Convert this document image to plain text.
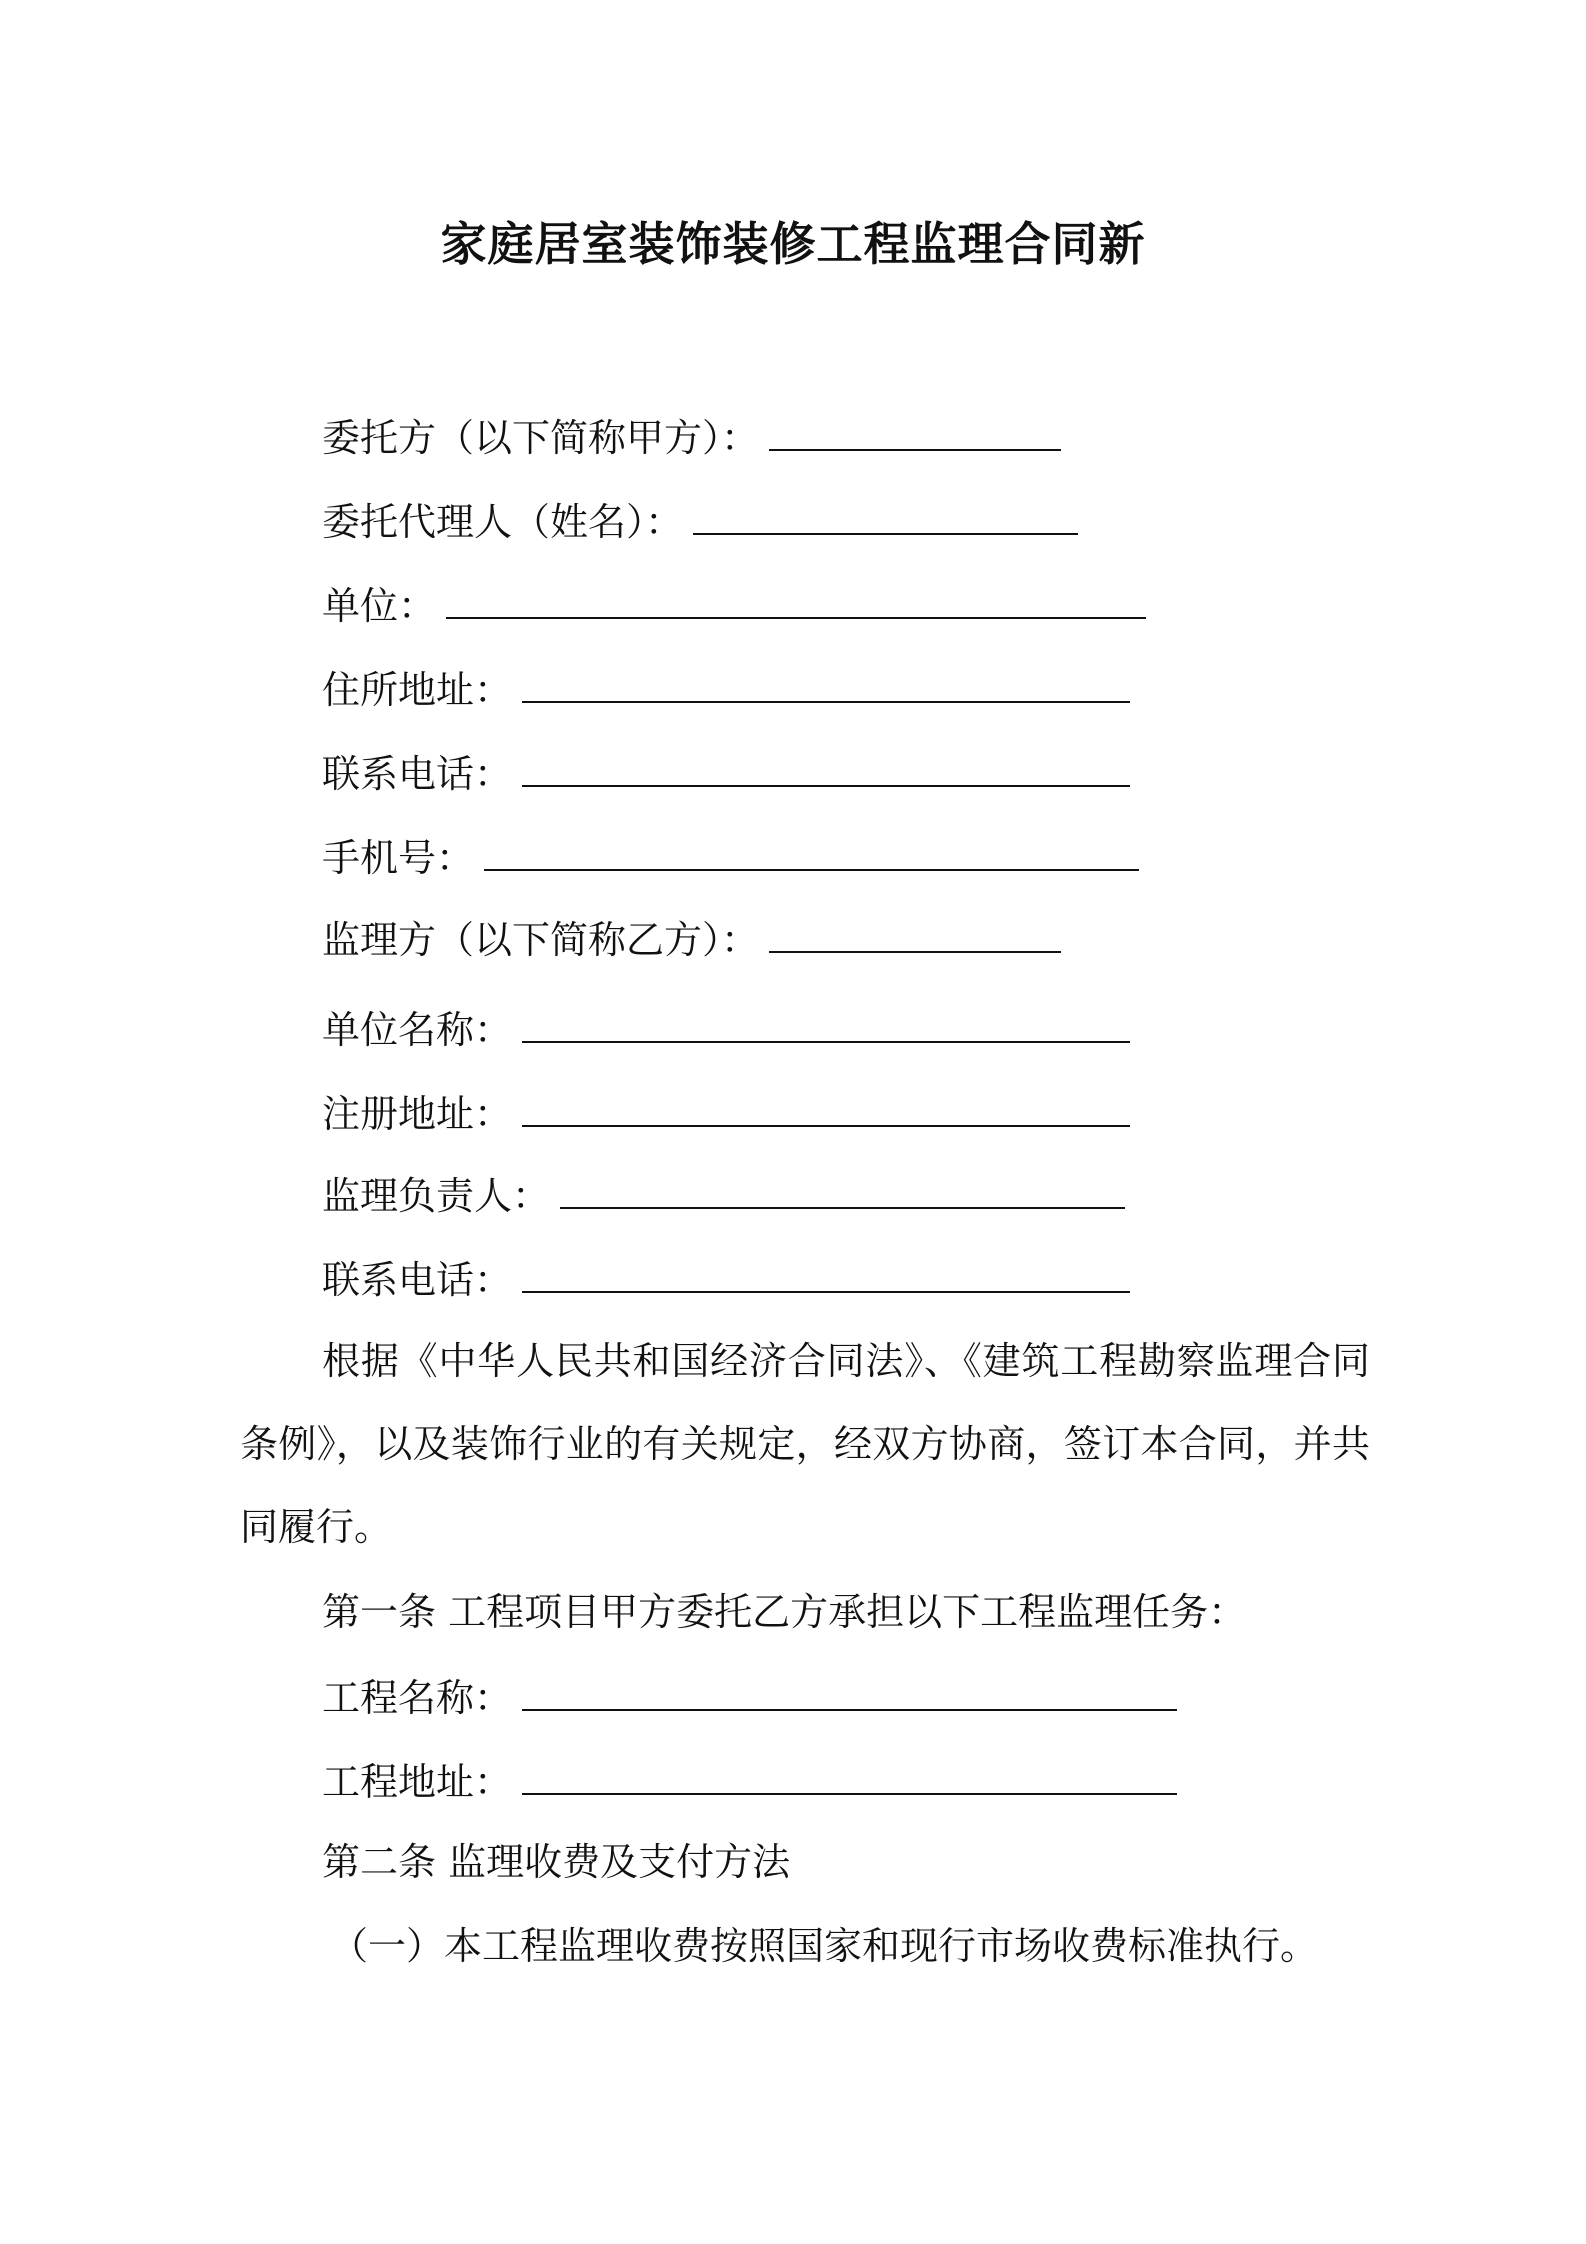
家庭居室装饰装修工程监理合同新
委托方（以下简称甲方）：
委托代理人（姓名）：
单位：
住所地址：
联系电话：
手机号：
监理方（以下简称乙方）：
单位名称：
注册地址：
监理负责人：
联系电话：
根据《中华人民共和国经济合同法》、《建筑工程勘察监理合同条例》，以及装饰行业的有关规定，经双方协商，签订本合同，并共同履行。
第一条 工程项目甲方委托乙方承担以下工程监理任务：
工程名称：
工程地址：
第二条 监理收费及支付方法
（一）本工程监理收费按照国家和现行市场收费标准执行。
